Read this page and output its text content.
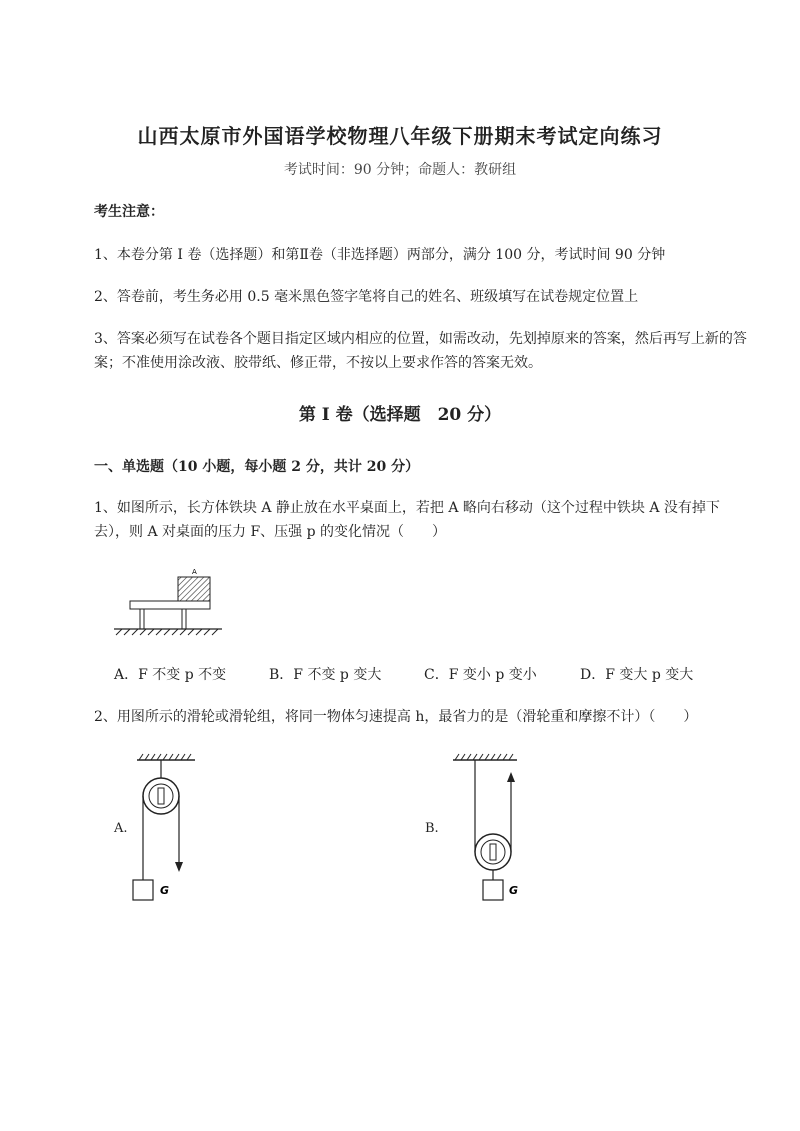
山西太原市外国语学校物理八年级下册期末考试定向练习
考试时间：90 分钟；命题人：教研组
考生注意：
1、本卷分第 I 卷（选择题）和第Ⅱ卷（非选择题）两部分，满分 100 分，考试时间 90 分钟
2、答卷前，考生务必用 0.5 毫米黑色签字笔将自己的姓名、班级填写在试卷规定位置上
3、答案必须写在试卷各个题目指定区域内相应的位置，如需改动，先划掉原来的答案，然后再写上新的答案；不准使用涂改液、胶带纸、修正带，不按以上要求作答的答案无效。
第 I 卷（选择题　20 分）
一、单选题（10 小题，每小题 2 分，共计 20 分）
1、如图所示，长方体铁块 A 静止放在水平桌面上，若把 A 略向右移动（这个过程中铁块 A 没有掉下去），则 A 对桌面的压力 F、压强 p 的变化情况（　　）
A
A．F 不变 p 不变	B．F 不变 p 变大	C．F 变小 p 变小	D．F 变大 p 变大
2、用图所示的滑轮或滑轮组，将同一物体匀速提高 h，最省力的是（滑轮重和摩擦不计）（　　）
A.	B.
G	G
